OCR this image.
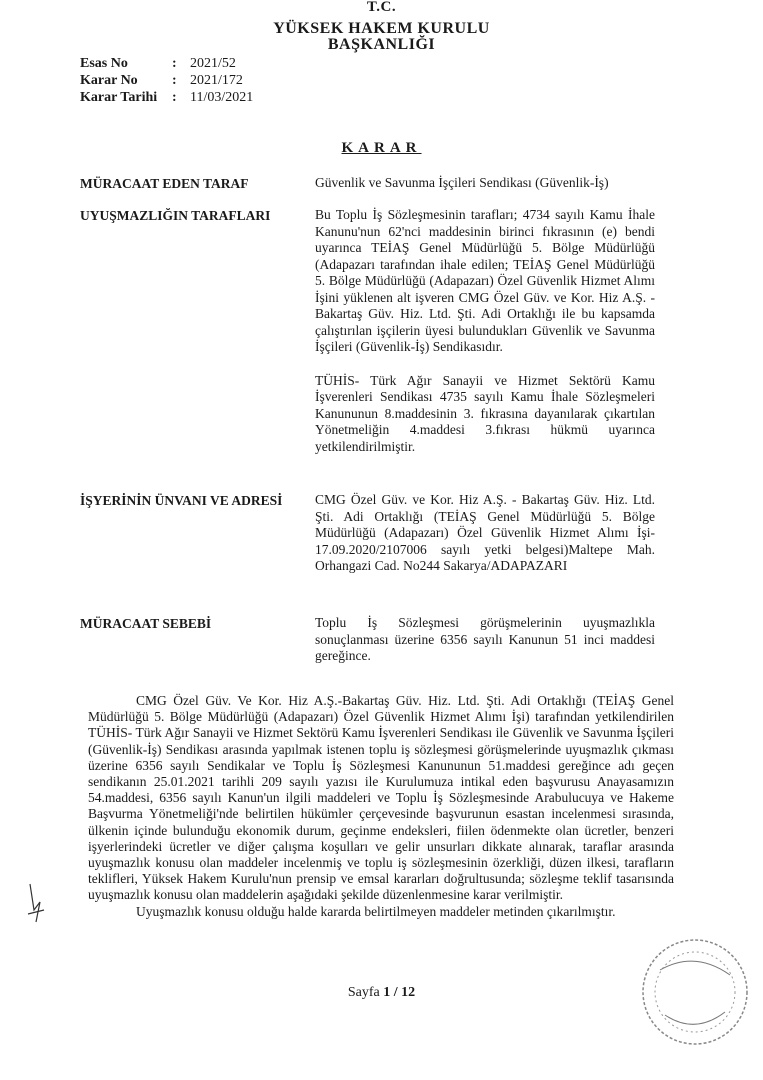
T.C.
YÜKSEK HAKEM KURULU
BAŞKANLIĞI
Esas No	: 2021/52
Karar No	: 2021/172
Karar Tarihi	: 11/03/2021
KARAR
MÜRACAAT EDEN TARAF	Güvenlik ve Savunma İşçileri Sendikası (Güvenlik-İş)

UYUŞMAZLIĞIN TARAFLARI	Bu Toplu İş Sözleşmesinin tarafları; 4734 sayılı Kamu İhale Kanunu'nun 62'nci maddesinin birinci fıkrasının (e) bendi uyarınca TEİAŞ Genel Müdürlüğü 5. Bölge Müdürlüğü (Adapazarı tarafından ihale edilen; TEİAŞ Genel Müdürlüğü 5. Bölge Müdürlüğü (Adapazarı) Özel Güvenlik Hizmet Alımı İşini yüklenen alt işveren CMG Özel Güv. ve Kor. Hiz A.Ş. - Bakartaş Güv. Hiz. Ltd. Şti. Adi Ortaklığı ile bu kapsamda çalıştırılan işçilerin üyesi bulundukları Güvenlik ve Savunma İşçileri (Güvenlik-İş) Sendikasıdır.

TÜHİS- Türk Ağır Sanayii ve Hizmet Sektörü Kamu İşverenleri Sendikası 4735 sayılı Kamu İhale Sözleşmeleri Kanununun 8.maddesinin 3. fıkrasına dayanılarak çıkartılan Yönetmeliğin 4.maddesi 3.fıkrası hükmü uyarınca yetkilendirilmiştir.

İŞYERİNİN ÜNVANI VE ADRESİ	CMG Özel Güv. ve Kor. Hiz A.Ş. - Bakartaş Güv. Hiz. Ltd. Şti. Adi Ortaklığı (TEİAŞ Genel Müdürlüğü 5. Bölge Müdürlüğü (Adapazarı) Özel Güvenlik Hizmet Alımı İşi-17.09.2020/2107006 sayılı yetki belgesi)Maltepe Mah. Orhangazi Cad. No244 Sakarya/ADAPAZARI

MÜRACAAT SEBEBİ	Toplu İş Sözleşmesi görüşmelerinin uyuşmazlıkla sonuçlanması üzerine 6356 sayılı Kanunun 51 inci maddesi gereğince.

CMG Özel Güv. Ve Kor. Hiz A.Ş.-Bakartaş Güv. Hiz. Ltd. Şti. Adi Ortaklığı (TEİAŞ Genel Müdürlüğü 5. Bölge Müdürlüğü (Adapazarı) Özel Güvenlik Hizmet Alımı İşi) tarafından yetkilendirilen TÜHİS- Türk Ağır Sanayii ve Hizmet Sektörü Kamu İşverenleri Sendikası ile Güvenlik ve Savunma İşçileri (Güvenlik-İş) Sendikası arasında yapılmak istenen toplu iş sözleşmesi görüşmelerinde uyuşmazlık çıkması üzerine 6356 sayılı Sendikalar ve Toplu İş Sözleşmesi Kanununun 51.maddesi gereğince adı geçen sendikanın 25.01.2021 tarihli 209 sayılı yazısı ile Kurulumuza intikal eden başvurusu Anayasamızın 54.maddesi, 6356 sayılı Kanun'un ilgili maddeleri ve Toplu İş Sözleşmesinde Arabulucuya ve Hakeme Başvurma Yönetmeliği'nde belirtilen hükümler çerçevesinde başvurunun esastan incelenmesi sırasında, ülkenin içinde bulunduğu ekonomik durum, geçinme endeksleri, fiilen ödenmekte olan ücretler, benzeri işyerlerindeki ücretler ve diğer çalışma koşulları ve gelir unsurları dikkate alınarak, taraflar arasında uyuşmazlık konusu olan maddeler incelenmiş ve toplu iş sözleşmesinin özerkliği, düzen ilkesi, tarafların teklifleri, Yüksek Hakem Kurulu'nun prensip ve emsal kararları doğrultusunda; sözleşme teklif tasarısında uyuşmazlık konusu olan maddelerin aşağıdaki şekilde düzenlenmesine karar verilmiştir.

Uyuşmazlık konusu olduğu halde kararda belirtilmeyen maddeler metinden çıkarılmıştır.

Sayfa 1 / 12
